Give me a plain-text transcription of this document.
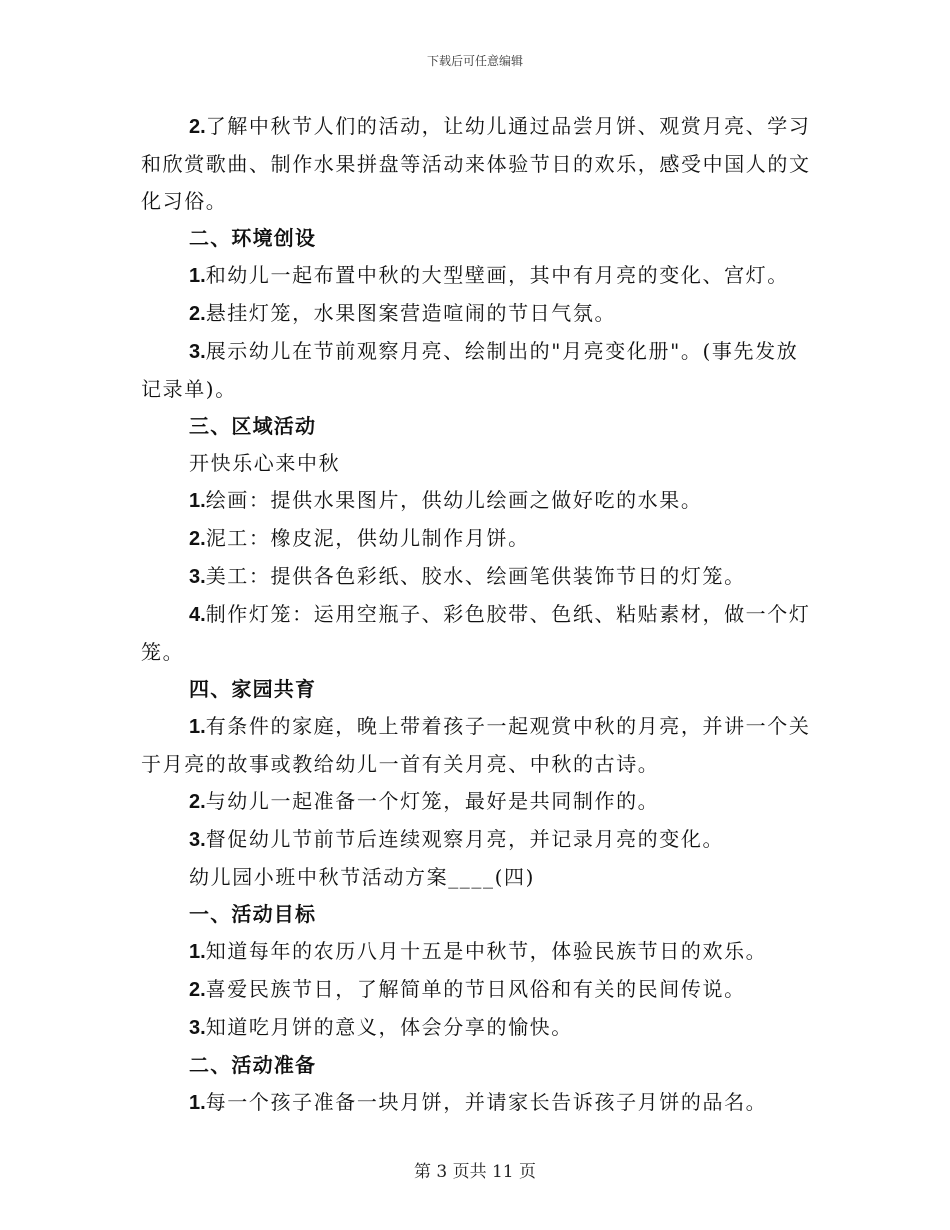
下载后可任意编辑

2.了解中秋节人们的活动，让幼儿通过品尝月饼、观赏月亮、学习和欣赏歌曲、制作水果拼盘等活动来体验节日的欢乐，感受中国人的文化习俗。

二、环境创设

1.和幼儿一起布置中秋的大型壁画，其中有月亮的变化、宫灯。

2.悬挂灯笼，水果图案营造喧闹的节日气氛。

3.展示幼儿在节前观察月亮、绘制出的"月亮变化册"。(事先发放记录单)。

三、区域活动

开快乐心来中秋

1.绘画：提供水果图片，供幼儿绘画之做好吃的水果。

2.泥工：橡皮泥，供幼儿制作月饼。

3.美工：提供各色彩纸、胶水、绘画笔供装饰节日的灯笼。

4.制作灯笼：运用空瓶子、彩色胶带、色纸、粘贴素材，做一个灯笼。

四、家园共育

1.有条件的家庭，晚上带着孩子一起观赏中秋的月亮，并讲一个关于月亮的故事或教给幼儿一首有关月亮、中秋的古诗。

2.与幼儿一起准备一个灯笼，最好是共同制作的。

3.督促幼儿节前节后连续观察月亮，并记录月亮的变化。

幼儿园小班中秋节活动方案____(四)

一、活动目标

1.知道每年的农历八月十五是中秋节，体验民族节日的欢乐。

2.喜爱民族节日，了解简单的节日风俗和有关的民间传说。

3.知道吃月饼的意义，体会分享的愉快。

二、活动准备

1.每一个孩子准备一块月饼，并请家长告诉孩子月饼的品名。

第 3 页共 11 页
